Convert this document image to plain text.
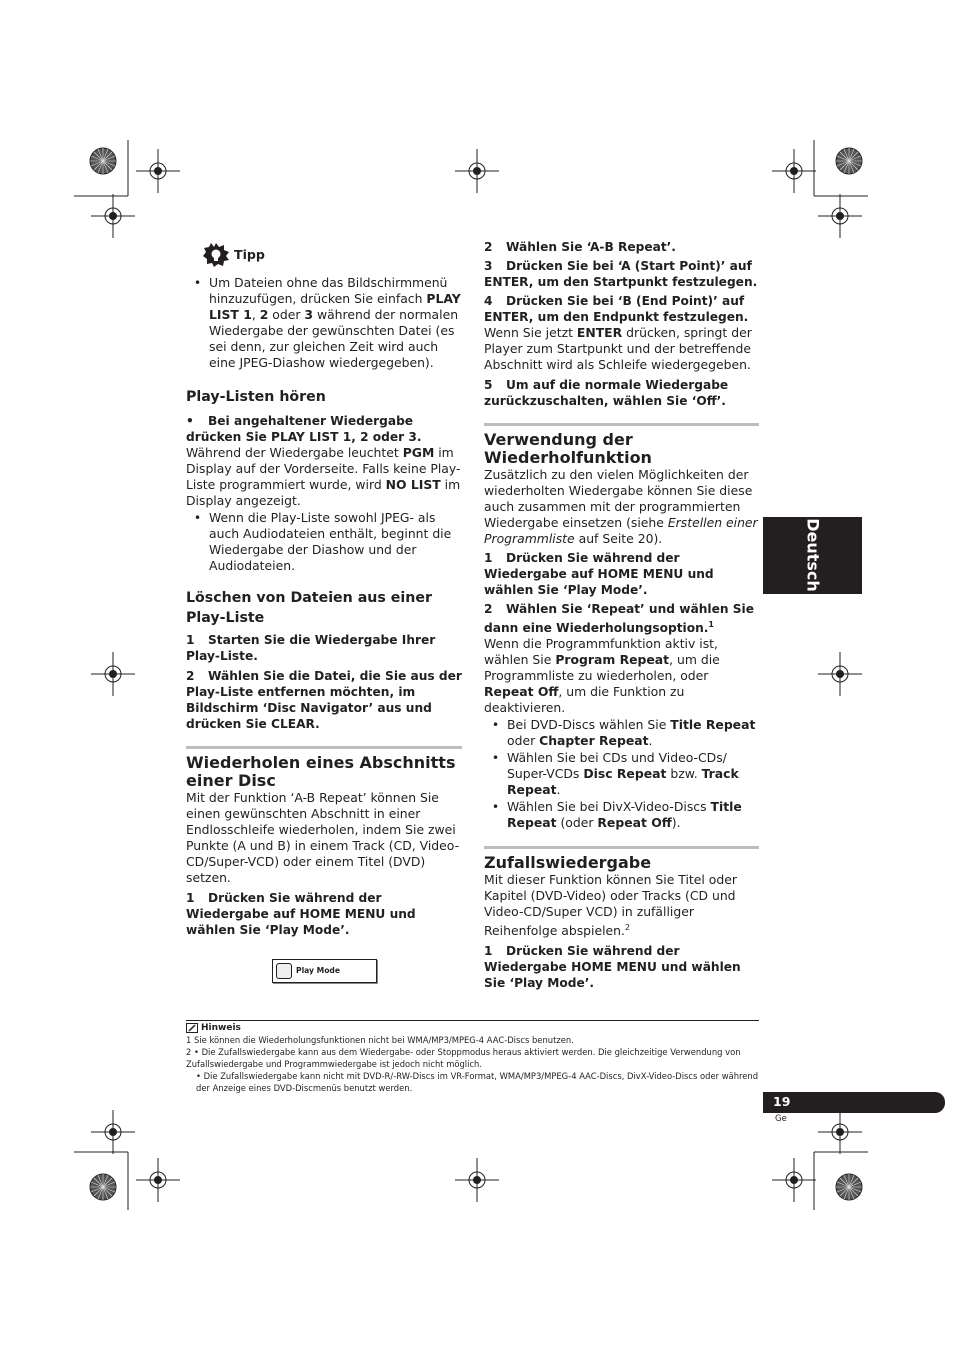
Tipp
• Um Dateien ohne das Bildschirmmenü hinzuzufügen, drücken Sie einfach PLAY LIST 1, 2 oder 3 während der normalen Wiedergabe der gewünschten Datei (es sei denn, zur gleichen Zeit wird auch eine JPEG-Diashow wiedergegeben).
Play-Listen hören
• Bei angehaltener Wiedergabe drücken Sie PLAY LIST 1, 2 oder 3.

Während der Wiedergabe leuchtet PGM im Display auf der Vorderseite. Falls keine Play-Liste programmiert wurde, wird NO LIST im Display angezeigt.

• Wenn die Play-Liste sowohl JPEG- als auch Audiodateien enthält, beginnt die Wiedergabe der Diashow und der Audiodateien.
Löschen von Dateien aus einer Play-Liste
1 Starten Sie die Wiedergabe Ihrer Play-Liste.
2 Wählen Sie die Datei, die Sie aus der Play-Liste entfernen möchten, im Bildschirm ‘Disc Navigator’ aus und drücken Sie CLEAR.
Wiederholen eines Abschnitts einer Disc

Mit der Funktion ‘A-B Repeat’ können Sie einen gewünschten Abschnitt in einer Endlosschleife wiederholen, indem Sie zwei Punkte (A und B) in einem Track (CD, Video-CD/Super-VCD) oder einem Titel (DVD) setzen.

1 Drücken Sie während der Wiedergabe auf HOME MENU und wählen Sie ‘Play Mode’.
Play Mode
2 Wählen Sie ‘A-B Repeat’.
3 Drücken Sie bei ‘A (Start Point)’ auf ENTER, um den Startpunkt festzulegen.
4 Drücken Sie bei ‘B (End Point)’ auf ENTER, um den Endpunkt festzulegen.

Wenn Sie jetzt ENTER drücken, springt der Player zum Startpunkt und der betreffende Abschnitt wird als Schleife wiedergegeben.

5 Um auf die normale Wiedergabe zurückzuschalten, wählen Sie ‘Off’.
Verwendung der Wiederholfunktion

Zusätzlich zu den vielen Möglichkeiten der wiederholten Wiedergabe können Sie diese auch zusammen mit der programmierten Wiedergabe einsetzen (siehe Erstellen einer Programmliste auf Seite 20).

1 Drücken Sie während der Wiedergabe auf HOME MENU und wählen Sie ‘Play Mode’.
2 Wählen Sie ‘Repeat’ und wählen Sie dann eine Wiederholungsoption.$^1$

Wenn die Programmfunktion aktiv ist, wählen Sie Program Repeat, um die Programmliste zu wiederholen, oder Repeat Off, um die Funktion zu deaktivieren.

• Bei DVD-Discs wählen Sie Title Repeat oder Chapter Repeat.
• Wählen Sie bei CDs und Video-CDs/ Super-VCDs Disc Repeat bzw. Track Repeat.
• Wählen Sie bei DivX-Video-Discs Title Repeat (oder Repeat Off).
Zufallswiedergabe

Mit dieser Funktion können Sie Titel oder Kapitel (DVD-Video) oder Tracks (CD und Video-CD/Super VCD) in zufälliger Reihenfolge abspielen.$^2$

1 Drücken Sie während der Wiedergabe HOME MENU und wählen Sie ‘Play Mode’.
Deutsch
Hinweis
1 Sie können die Wiederholungsfunktionen nicht bei WMA/MP3/MPEG-4 AAC-Discs benutzen.
2 • Die Zufallswiedergabe kann aus dem Wiedergabe- oder Stoppmodus heraus aktiviert werden. Die gleichzeitige Verwendung von Zufallswiedergabe und Programmwiedergabe ist jedoch nicht möglich.
• Die Zufallswiedergabe kann nicht mit DVD-R/-RW-Discs im VR-Format, WMA/MP3/MPEG-4 AAC-Discs, DivX-Video-Discs oder während der Anzeige eines DVD-Discmenüs benutzt werden.
19
Ge
